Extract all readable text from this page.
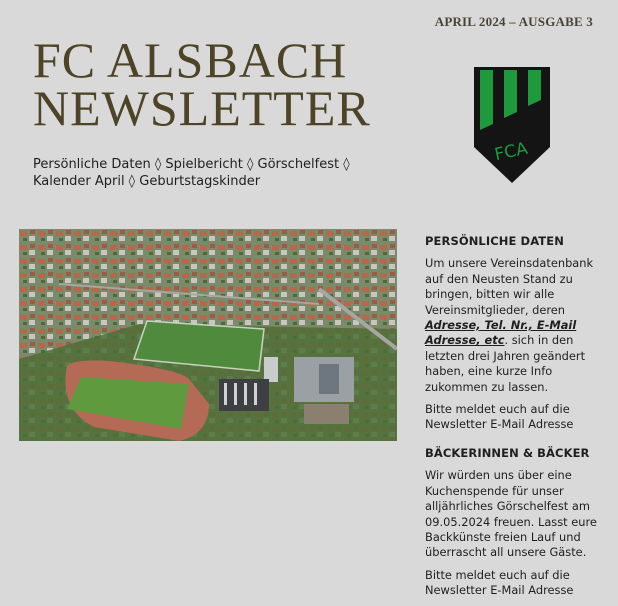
APRIL 2024 – AUSGABE 3
FC ALSBACH
NEWSLETTER
Persönliche Daten ◊ Spielbericht ◊ Görschelfest ◊
Kalender April ◊ Geburtstagskinder
FCA
PERSÖNLICHE DATEN

Um unsere Vereinsdatenbank auf den Neusten Stand zu bringen, bitten wir alle Vereinsmitglieder, deren Adresse, Tel. Nr., E-Mail Adresse, etc. sich in den letzten drei Jahren geändert haben, eine kurze Info zukommen zu lassen.

Bitte meldet euch auf die Newsletter E-Mail Adresse

BÄCKERINNEN & BÄCKER

Wir würden uns über eine Kuchenspende für unser alljährliches Görschelfest am 09.05.2024 freuen. Lasst eure Backkünste freien Lauf und überrascht all unsere Gäste.

Bitte meldet euch auf die Newsletter E-Mail Adresse
